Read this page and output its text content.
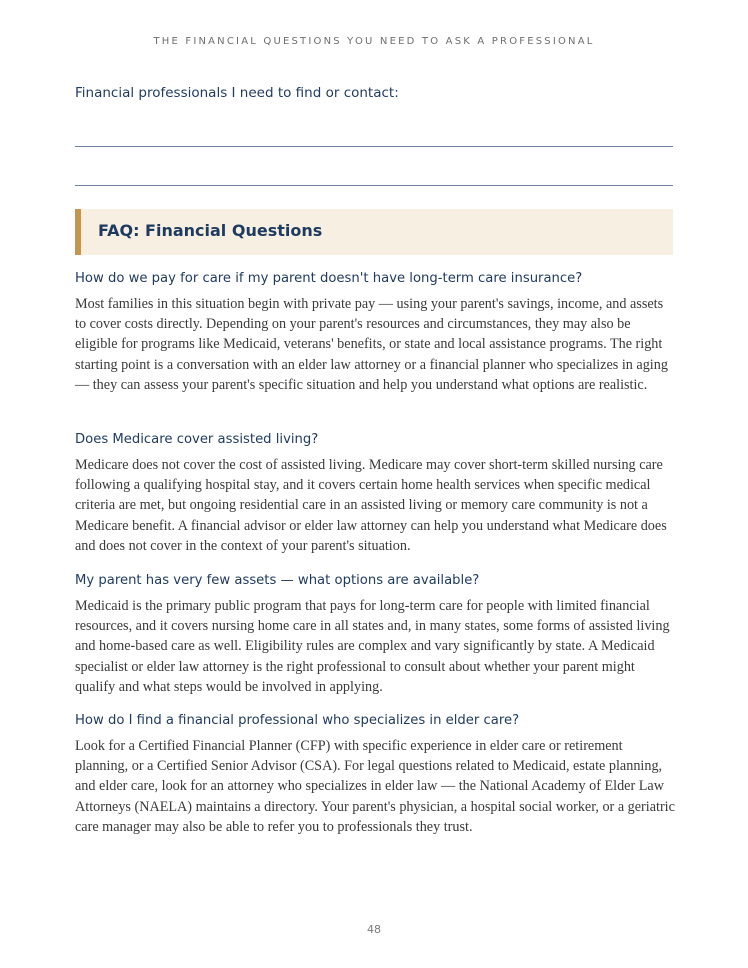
THE FINANCIAL QUESTIONS YOU NEED TO ASK A PROFESSIONAL
Financial professionals I need to find or contact:
FAQ: Financial Questions

How do we pay for care if my parent doesn't have long-term care insurance?

Most families in this situation begin with private pay — using your parent's savings, income, and assets to cover costs directly. Depending on your parent's resources and circumstances, they may also be eligible for programs like Medicaid, veterans' benefits, or state and local assistance programs. The right starting point is a conversation with an elder law attorney or a financial planner who specializes in aging — they can assess your parent's specific situation and help you understand what options are realistic.

Does Medicare cover assisted living?

Medicare does not cover the cost of assisted living. Medicare may cover short-term skilled nursing care following a qualifying hospital stay, and it covers certain home health services when specific medical criteria are met, but ongoing residential care in an assisted living or memory care community is not a Medicare benefit. A financial advisor or elder law attorney can help you understand what Medicare does and does not cover in the context of your parent's situation.

My parent has very few assets — what options are available?

Medicaid is the primary public program that pays for long-term care for people with limited financial resources, and it covers nursing home care in all states and, in many states, some forms of assisted living and home-based care as well. Eligibility rules are complex and vary significantly by state. A Medicaid specialist or elder law attorney is the right professional to consult about whether your parent might qualify and what steps would be involved in applying.

How do I find a financial professional who specializes in elder care?

Look for a Certified Financial Planner (CFP) with specific experience in elder care or retirement planning, or a Certified Senior Advisor (CSA). For legal questions related to Medicaid, estate planning, and elder care, look for an attorney who specializes in elder law — the National Academy of Elder Law Attorneys (NAELA) maintains a directory. Your parent's physician, a hospital social worker, or a geriatric care manager may also be able to refer you to professionals they trust.

48
